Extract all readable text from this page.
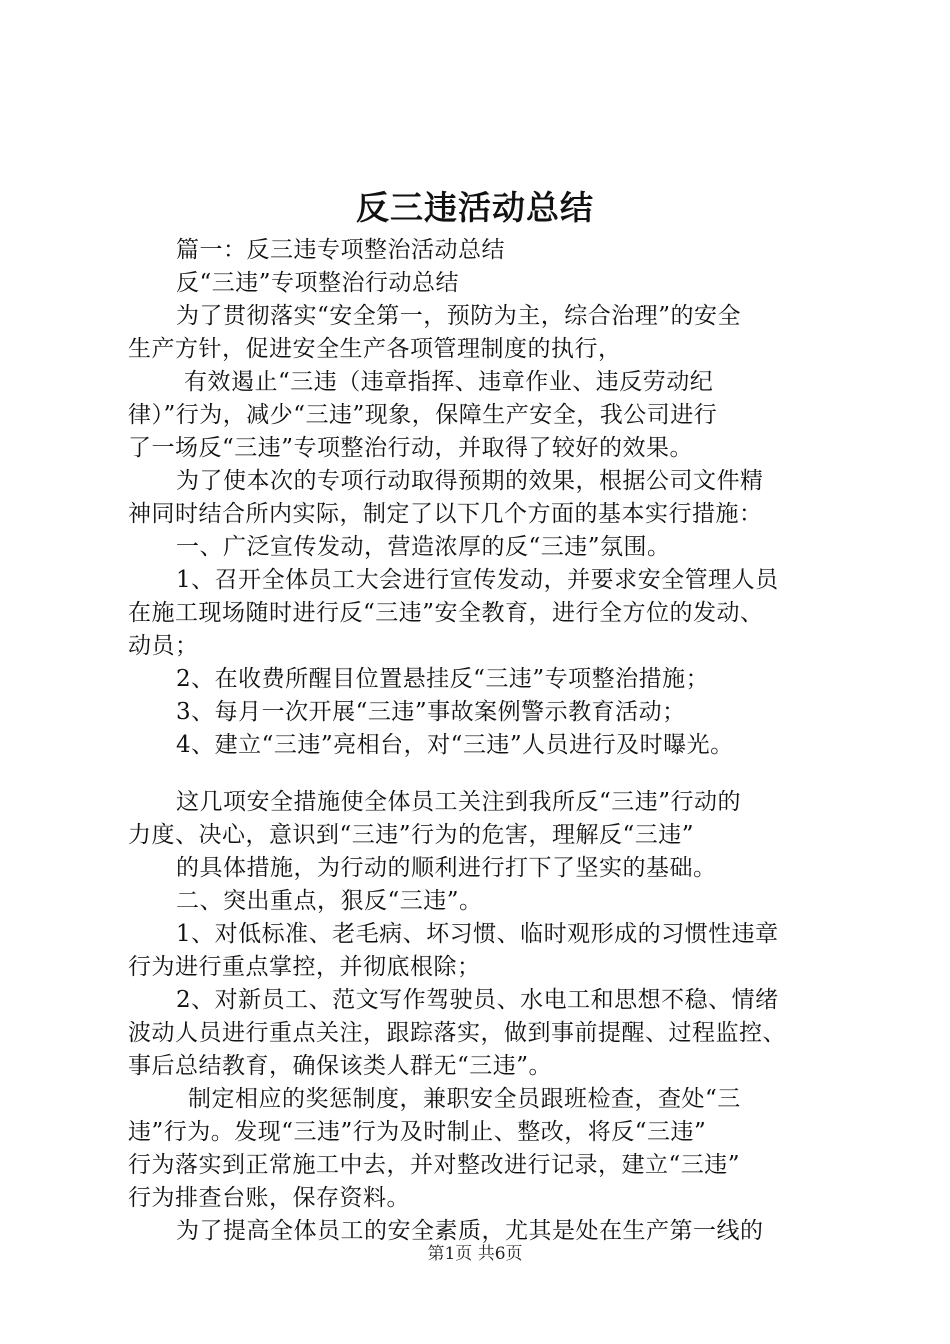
反三违活动总结
篇一：反三违专项整治活动总结
反“三违”专项整治行动总结
为了贯彻落实“安全第一，预防为主，综合治理”的安全
生产方针，促进安全生产各项管理制度的执行，
有效遏止“三违（违章指挥、违章作业、违反劳动纪
律）”行为，减少“三违”现象，保障生产安全，我公司进行
了一场反“三违”专项整治行动，并取得了较好的效果。
为了使本次的专项行动取得预期的效果，根据公司文件精
神同时结合所内实际，制定了以下几个方面的基本实行措施：
一、广泛宣传发动，营造浓厚的反“三违”氛围。
1、召开全体员工大会进行宣传发动，并要求安全管理人员
在施工现场随时进行反“三违”安全教育，进行全方位的发动、
动员；
2、在收费所醒目位置悬挂反“三违”专项整治措施；
3、每月一次开展“三违”事故案例警示教育活动；
4、建立“三违”亮相台，对“三违”人员进行及时曝光。
这几项安全措施使全体员工关注到我所反“三违”行动的
力度、决心，意识到“三违”行为的危害，理解反“三违”
的具体措施，为行动的顺利进行打下了坚实的基础。
二、突出重点，狠反“三违”。
1、对低标准、老毛病、坏习惯、临时观形成的习惯性违章
行为进行重点掌控，并彻底根除；
2、对新员工、范文写作驾驶员、水电工和思想不稳、情绪
波动人员进行重点关注，跟踪落实，做到事前提醒、过程监控、
事后总结教育，确保该类人群无“三违”。
制定相应的奖惩制度，兼职安全员跟班检查，查处“三
违”行为。发现“三违”行为及时制止、整改，将反“三违”
行为落实到正常施工中去，并对整改进行记录，建立“三违”
行为排查台账，保存资料。
为了提高全体员工的安全素质，尤其是处在生产第一线的
第1页 共6页
